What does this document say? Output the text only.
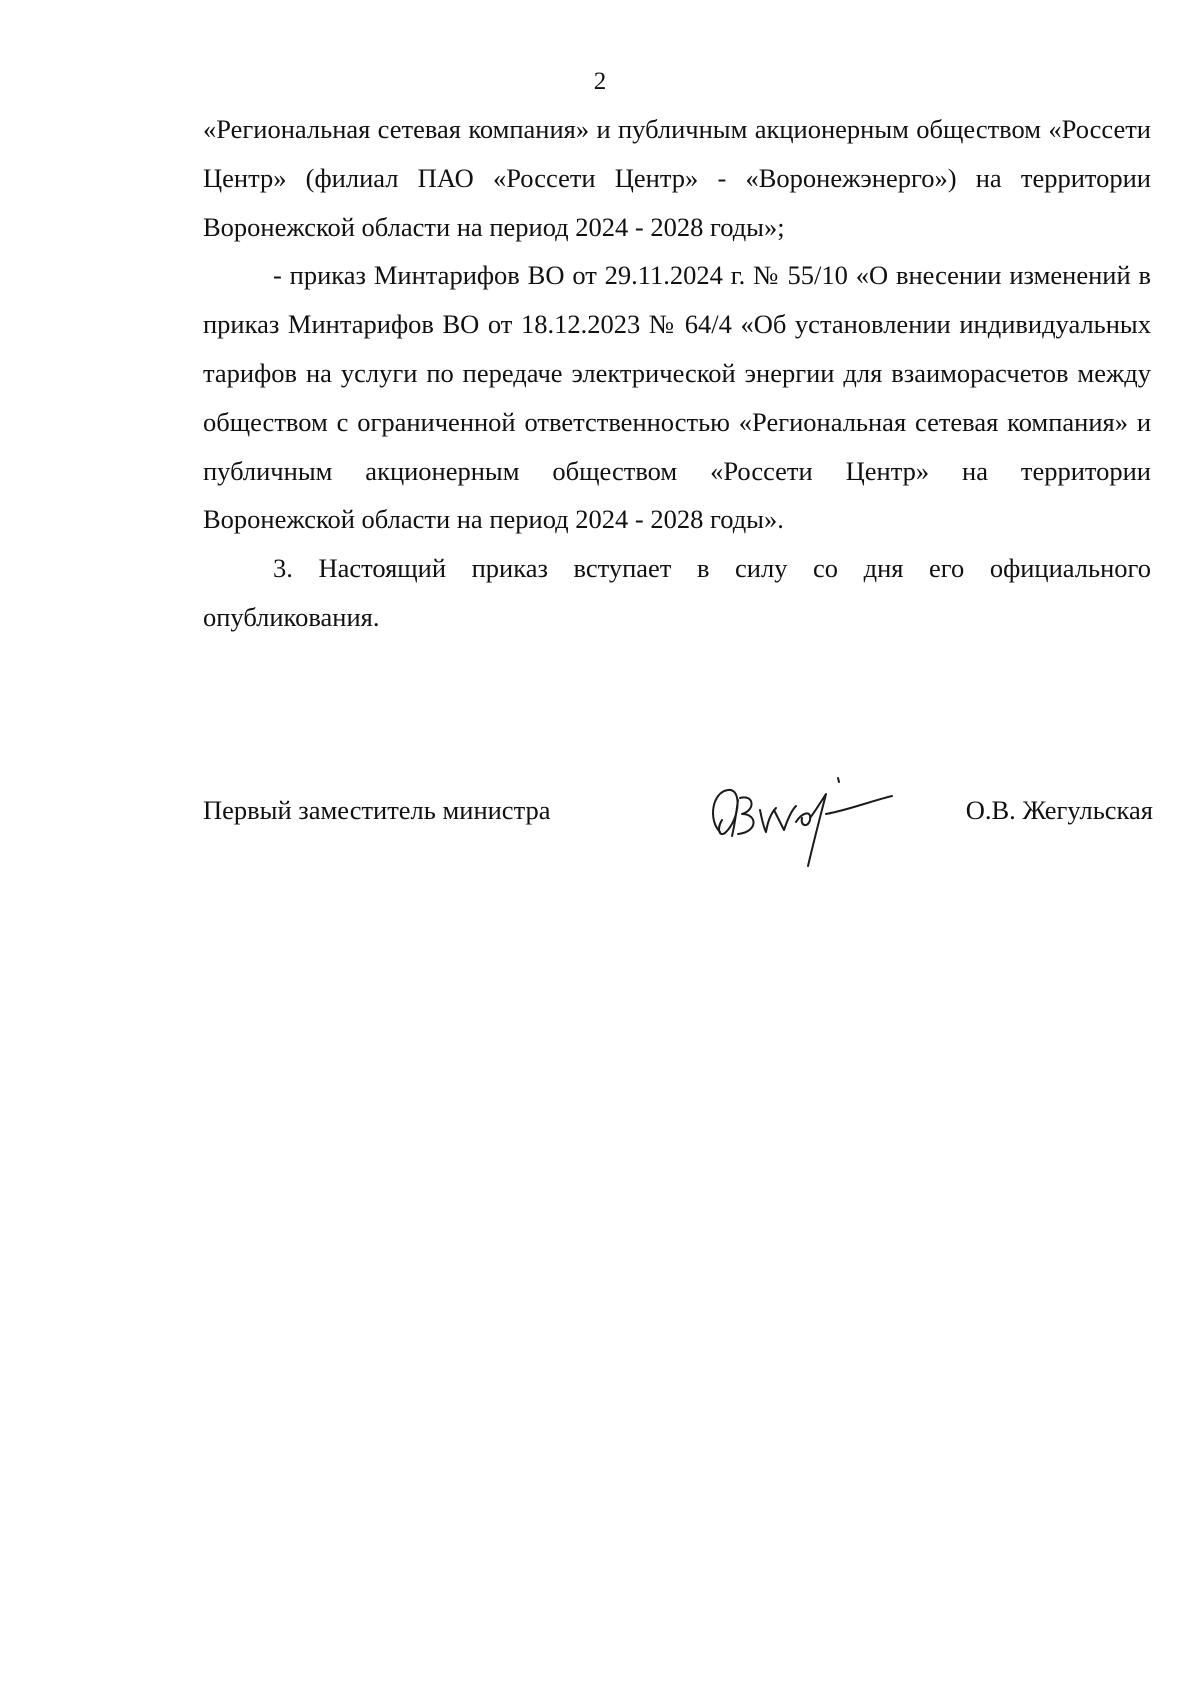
2

«Региональная сетевая компания» и публичным акционерным обществом «Россети Центр» (филиал ПАО «Россети Центр» - «Воронежэнерго») на территории Воронежской области на период 2024 - 2028 годы»;

- приказ Минтарифов ВО от 29.11.2024 г. № 55/10 «О внесении изменений в приказ Минтарифов ВО от 18.12.2023 № 64/4 «Об установлении индивидуальных тарифов на услуги по передаче электрической энергии для взаиморасчетов между обществом с ограниченной ответственностью «Региональная сетевая компания» и публичным акционерным обществом «Россети Центр» на территории Воронежской области на период 2024 - 2028 годы».

3. Настоящий приказ вступает в силу со дня его официального опубликования.

Первый заместитель министра	О.В. Жегульская
